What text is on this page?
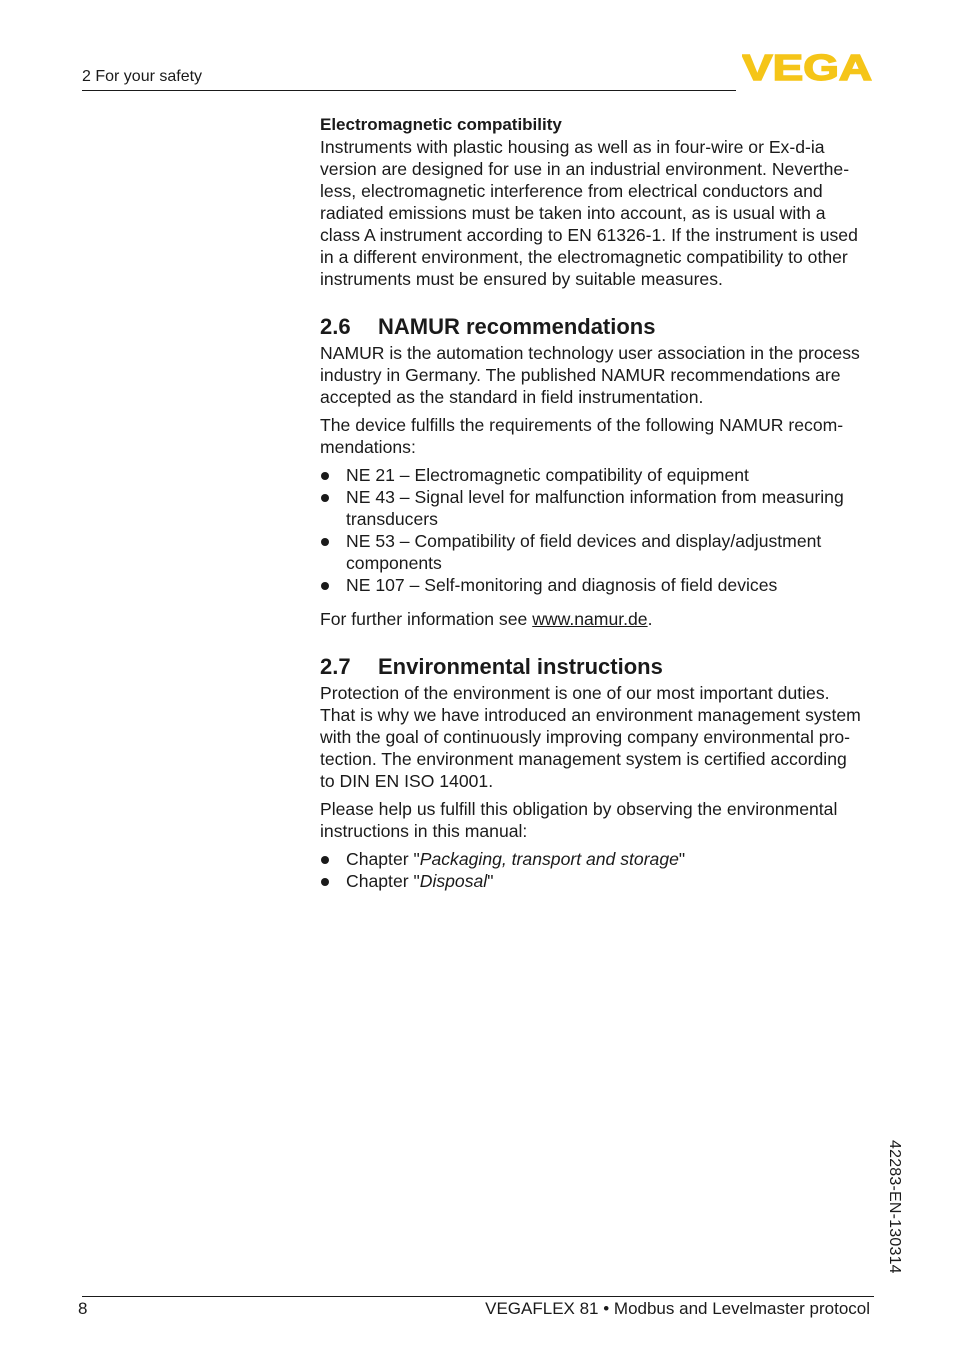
2 For your safety	VEGA

Electromagnetic compatibility

Instruments with plastic housing as well as in four-wire or Ex-d-ia
version are designed for use in an industrial environment. Neverthe-
less, electromagnetic interference from electrical conductors and
radiated emissions must be taken into account, as is usual with a
class A instrument according to EN 61326-1. If the instrument is used
in a different environment, the electromagnetic compatibility to other
instruments must be ensured by suitable measures.

2.6 NAMUR recommendations

NAMUR is the automation technology user association in the process
industry in Germany. The published NAMUR recommendations are
accepted as the standard in field instrumentation.

The device fulfills the requirements of the following NAMUR recom-
mendations:

NE 21 – Electromagnetic compatibility of equipment
NE 43 – Signal level for malfunction information from measuring
transducers
NE 53 – Compatibility of field devices and display/adjustment
components
NE 107 – Self-monitoring and diagnosis of field devices

For further information see www.namur.de.

2.7 Environmental instructions

Protection of the environment is one of our most important duties.
That is why we have introduced an environment management system
with the goal of continuously improving company environmental pro-
tection. The environment management system is certified according
to DIN EN ISO 14001.

Please help us fulfill this obligation by observing the environmental
instructions in this manual:

Chapter "Packaging, transport and storage"
Chapter "Disposal"
42283-EN-130314
8	VEGAFLEX 81 • Modbus and Levelmaster protocol
